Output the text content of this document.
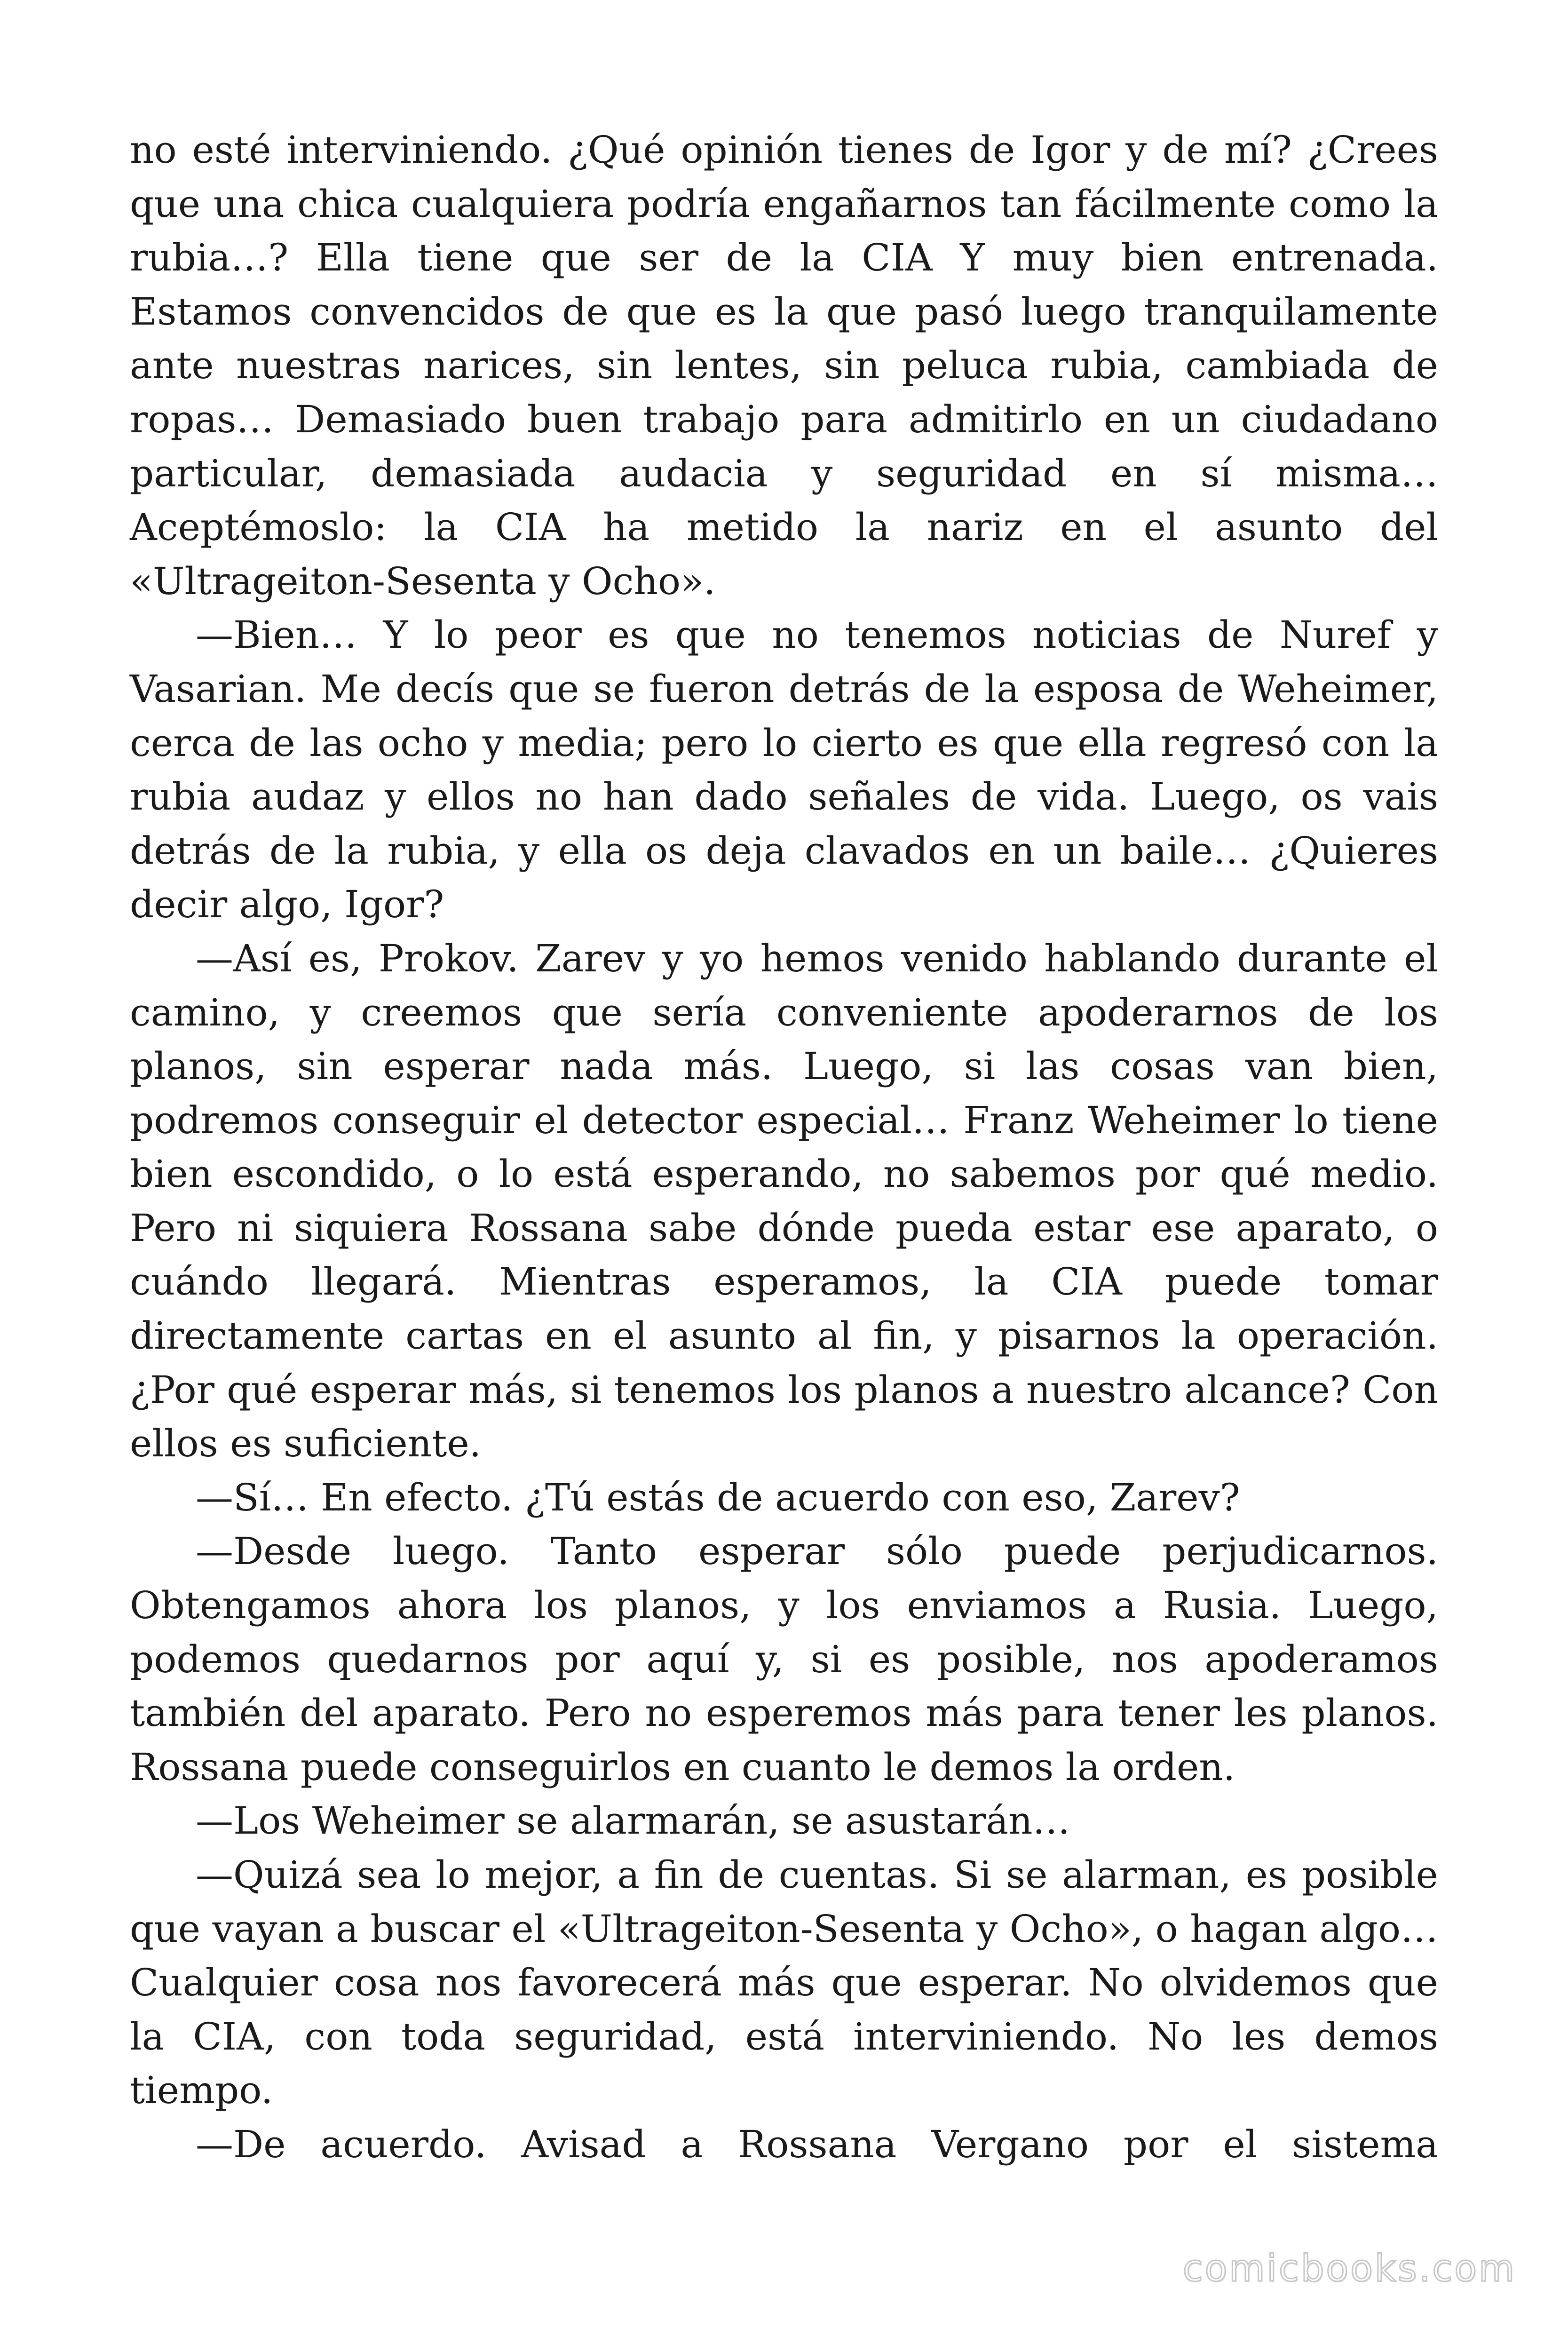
no esté interviniendo. ¿Qué opinión tienes de Igor y de mí? ¿Crees que una chica cualquiera podría engañarnos tan fácilmente como la rubia…? Ella tiene que ser de la CIA Y muy bien entrenada. Estamos convencidos de que es la que pasó luego tranquilamente ante nuestras narices, sin lentes, sin peluca rubia, cambiada de ropas… Demasiado buen trabajo para admitirlo en un ciudadano particular, demasiada audacia y seguridad en sí misma… Aceptémoslo: la CIA ha metido la nariz en el asunto del «Ultrageiton-Sesenta y Ocho».

—Bien… Y lo peor es que no tenemos noticias de Nuref y Vasarian. Me decís que se fueron detrás de la esposa de Weheimer, cerca de las ocho y media; pero lo cierto es que ella regresó con la rubia audaz y ellos no han dado señales de vida. Luego, os vais detrás de la rubia, y ella os deja clavados en un baile… ¿Quieres decir algo, Igor?

—Así es, Prokov. Zarev y yo hemos venido hablando durante el camino, y creemos que sería conveniente apoderarnos de los planos, sin esperar nada más. Luego, si las cosas van bien, podremos conseguir el detector especial… Franz Weheimer lo tiene bien escondido, o lo está esperando, no sabemos por qué medio. Pero ni siquiera Rossana sabe dónde pueda estar ese aparato, o cuándo llegará. Mientras esperamos, la CIA puede tomar directamente cartas en el asunto al fin, y pisarnos la operación. ¿Por qué esperar más, si tenemos los planos a nuestro alcance? Con ellos es suficiente.

—Sí… En efecto. ¿Tú estás de acuerdo con eso, Zarev?

—Desde luego. Tanto esperar sólo puede perjudicarnos. Obtengamos ahora los planos, y los enviamos a Rusia. Luego, podemos quedarnos por aquí y, si es posible, nos apoderamos también del aparato. Pero no esperemos más para tener les planos. Rossana puede conseguirlos en cuanto le demos la orden.

—Los Weheimer se alarmarán, se asustarán…

—Quizá sea lo mejor, a fin de cuentas. Si se alarman, es posible que vayan a buscar el «Ultrageiton-Sesenta y Ocho», o hagan algo… Cualquier cosa nos favorecerá más que esperar. No olvidemos que la CIA, con toda seguridad, está interviniendo. No les demos tiempo.

—De acuerdo. Avisad a Rossana Vergano por el sistema

comicbooks.com
